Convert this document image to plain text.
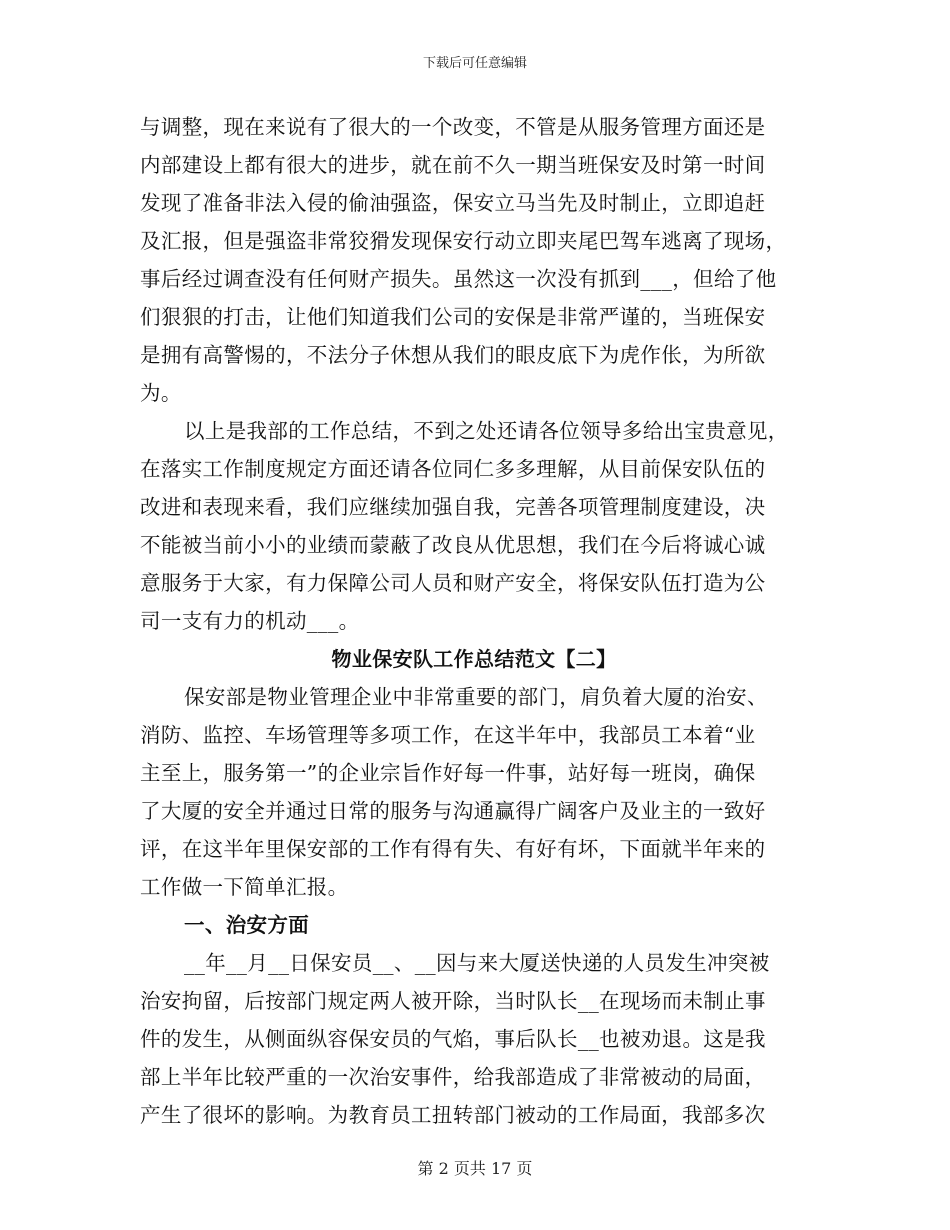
下载后可任意编辑
与调整，现在来说有了很大的一个改变，不管是从服务管理方面还是
内部建设上都有很大的进步，就在前不久一期当班保安及时第一时间
发现了准备非法入侵的偷油强盗，保安立马当先及时制止，立即追赶
及汇报，但是强盗非常狡猾发现保安行动立即夹尾巴驾车逃离了现场，
事后经过调查没有任何财产损失。虽然这一次没有抓到___，但给了他
们狠狠的打击，让他们知道我们公司的安保是非常严谨的，当班保安
是拥有高警惕的，不法分子休想从我们的眼皮底下为虎作伥，为所欲
为。
以上是我部的工作总结，不到之处还请各位领导多给出宝贵意见，
在落实工作制度规定方面还请各位同仁多多理解，从目前保安队伍的
改进和表现来看，我们应继续加强自我，完善各项管理制度建设，决
不能被当前小小的业绩而蒙蔽了改良从优思想，我们在今后将诚心诚
意服务于大家，有力保障公司人员和财产安全，将保安队伍打造为公
司一支有力的机动___。
物业保安队工作总结范文【二】
保安部是物业管理企业中非常重要的部门，肩负着大厦的治安、
消防、监控、车场管理等多项工作，在这半年中，我部员工本着“业
主至上，服务第一”的企业宗旨作好每一件事，站好每一班岗，确保
了大厦的安全并通过日常的服务与沟通赢得广阔客户及业主的一致好
评，在这半年里保安部的工作有得有失、有好有坏，下面就半年来的
工作做一下简单汇报。
一、治安方面
__年__月__日保安员__、__因与来大厦送快递的人员发生冲突被
治安拘留，后按部门规定两人被开除，当时队长__在现场而未制止事
件的发生，从侧面纵容保安员的气焰，事后队长__也被劝退。这是我
部上半年比较严重的一次治安事件，给我部造成了非常被动的局面，
产生了很坏的影响。为教育员工扭转部门被动的工作局面，我部多次
第 2 页共 17 页
